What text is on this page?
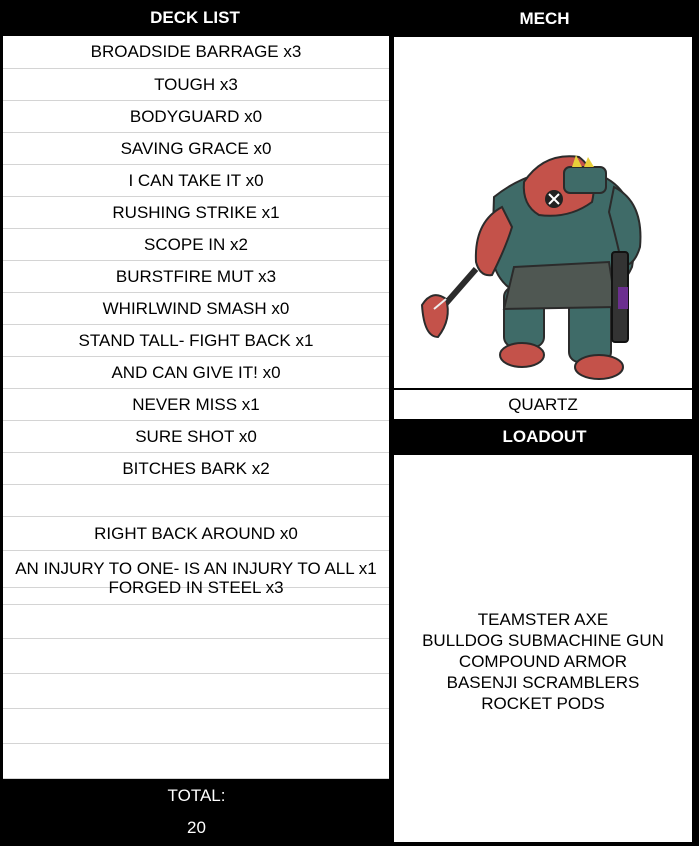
DECK LIST	MECH
BROADSIDE BARRAGE x3
TOUGH x3
BODYGUARD x0
SAVING GRACE x0
I CAN TAKE IT x0
RUSHING STRIKE x1
SCOPE IN x2
BURSTFIRE MUT x3
WHIRLWIND SMASH x0
STAND TALL- FIGHT BACK x1
AND CAN GIVE IT! x0
NEVER MISS x1
SURE SHOT x0
BITCHES BARK x2
RIGHT BACK AROUND x0
AN INJURY TO ONE- IS AN INJURY TO ALL x1
FORGED IN STEEL x3
TOTAL:
20
QUARTZ
LOADOUT
TEAMSTER AXE
BULLDOG SUBMACHINE GUN
COMPOUND ARMOR
BASENJI SCRAMBLERS
ROCKET PODS
